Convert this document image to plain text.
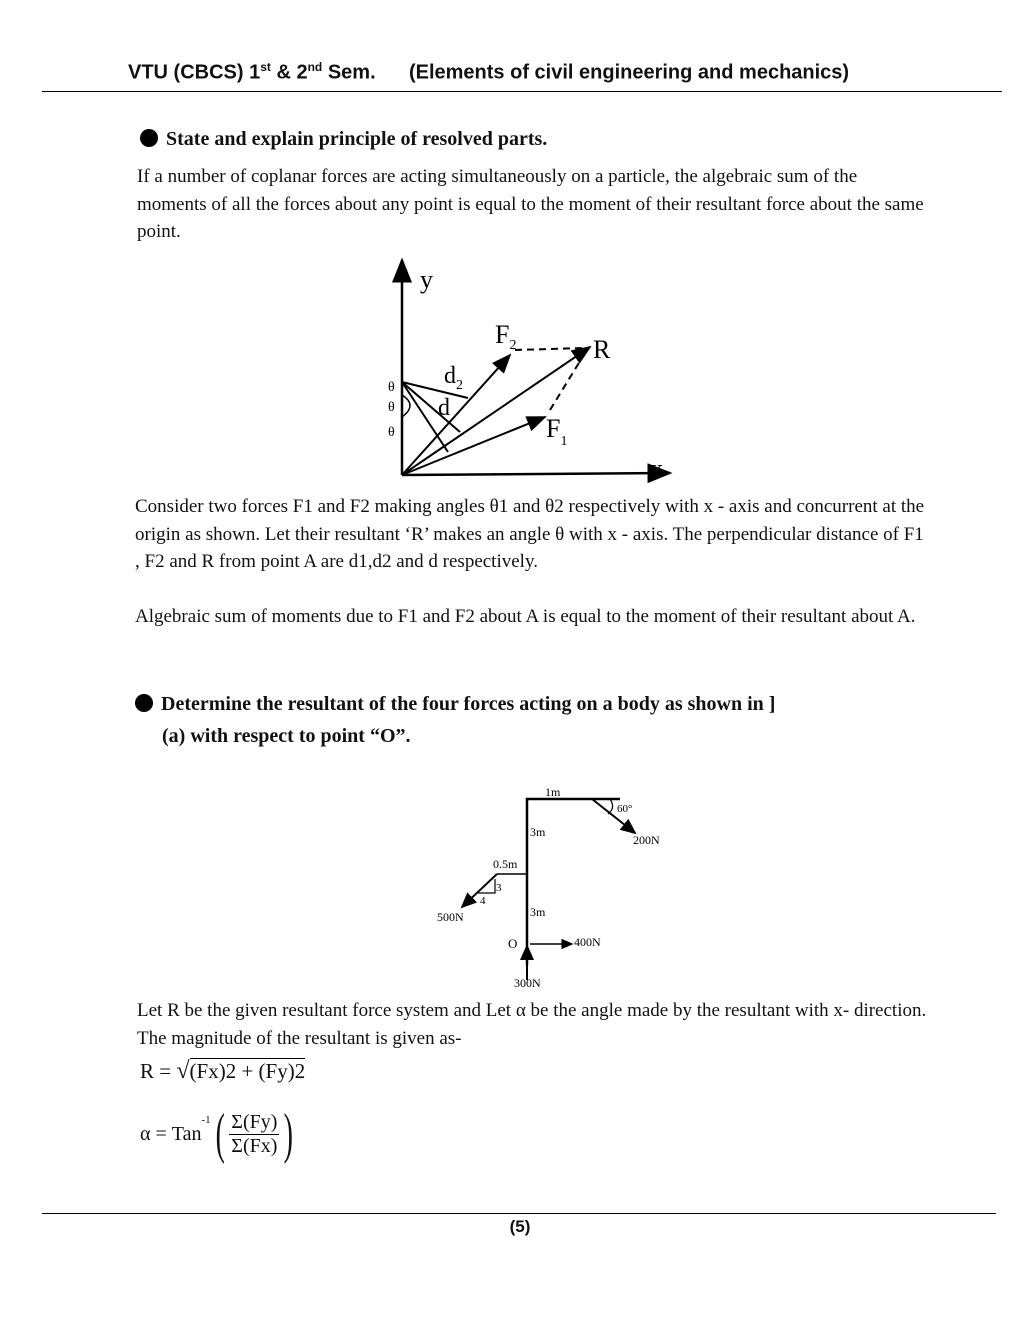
VTU (CBCS) 1st & 2nd Sem. (Elements of civil engineering and mechanics)
State and explain principle of resolved parts.
If a number of coplanar forces are acting simultaneously on a particle, the algebraic sum of the moments of all the forces about any point is equal to the moment of their resultant force about the same point.
y
x
$F_2$	R
$F_1$
$d_2$
d
θ
θ
θ
Consider two forces F1 and F2 making angles θ1 and θ2 respectively with x - axis and concurrent at the origin as shown. Let their resultant ‘R’ makes an angle θ with x - axis. The perpendicular distance of F1 , F2 and R from point A are d1,d2 and d respectively.
Algebraic sum of moments due to F1 and F2 about A is equal to the moment of their resultant about A.
Determine the resultant of the four forces acting on a body as shown in ]
(a) with respect to point “O”.
1m
60°
200N
3m
0.5m
3
4
500N	3m
O	400N
300N
Let R be the given resultant force system and Let α be the angle made by the resultant with x- direction. The magnitude of the resultant is given as-
R = √(Fx)2 + (Fy)2
α = Tan
$^{-1}$ ( $\frac{\Sigma(Fy)}{\Sigma(Fx)}$ )
(5)
